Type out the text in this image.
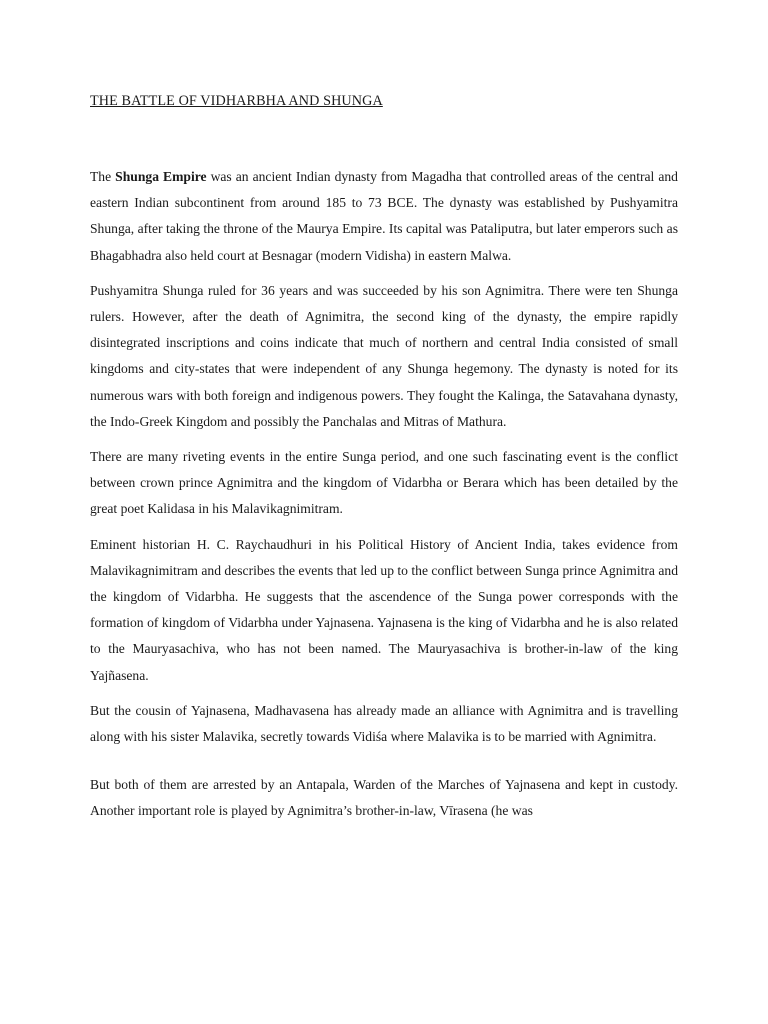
THE BATTLE OF VIDHARBHA AND SHUNGA

The Shunga Empire was an ancient Indian dynasty from Magadha that controlled areas of the central and eastern Indian subcontinent from around 185 to 73 BCE. The dynasty was established by Pushyamitra Shunga, after taking the throne of the Maurya Empire. Its capital was Pataliputra, but later emperors such as Bhagabhadra also held court at Besnagar (modern Vidisha) in eastern Malwa.

Pushyamitra Shunga ruled for 36 years and was succeeded by his son Agnimitra. There were ten Shunga rulers. However, after the death of Agnimitra, the second king of the dynasty, the empire rapidly disintegrated inscriptions and coins indicate that much of northern and central India consisted of small kingdoms and city-states that were independent of any Shunga hegemony. The dynasty is noted for its numerous wars with both foreign and indigenous powers. They fought the Kalinga, the Satavahana dynasty, the Indo-Greek Kingdom and possibly the Panchalas and Mitras of Mathura.

There are many riveting events in the entire Sunga period, and one such fascinating event is the conflict between crown prince Agnimitra and the kingdom of Vidarbha or Berara which has been detailed by the great poet Kalidasa in his Malavikagnimitram.

Eminent historian H. C. Raychaudhuri in his Political History of Ancient India, takes evidence from Malavikagnimitram and describes the events that led up to the conflict between Sunga prince Agnimitra and the kingdom of Vidarbha. He suggests that the ascendence of the Sunga power corresponds with the formation of kingdom of Vidarbha under Yajnasena. Yajnasena is the king of Vidarbha and he is also related to the Mauryasachiva, who has not been named. The Mauryasachiva is brother-in-law of the king Yajñasena.

But the cousin of Yajnasena, Madhavasena has already made an alliance with Agnimitra and is travelling along with his sister Malavika, secretly towards Vidiśa where Malavika is to be married with Agnimitra.

But both of them are arrested by an Antapala, Warden of the Marches of Yajnasena and kept in custody. Another important role is played by Agnimitra’s brother-in-law, Vīrasena (he was
